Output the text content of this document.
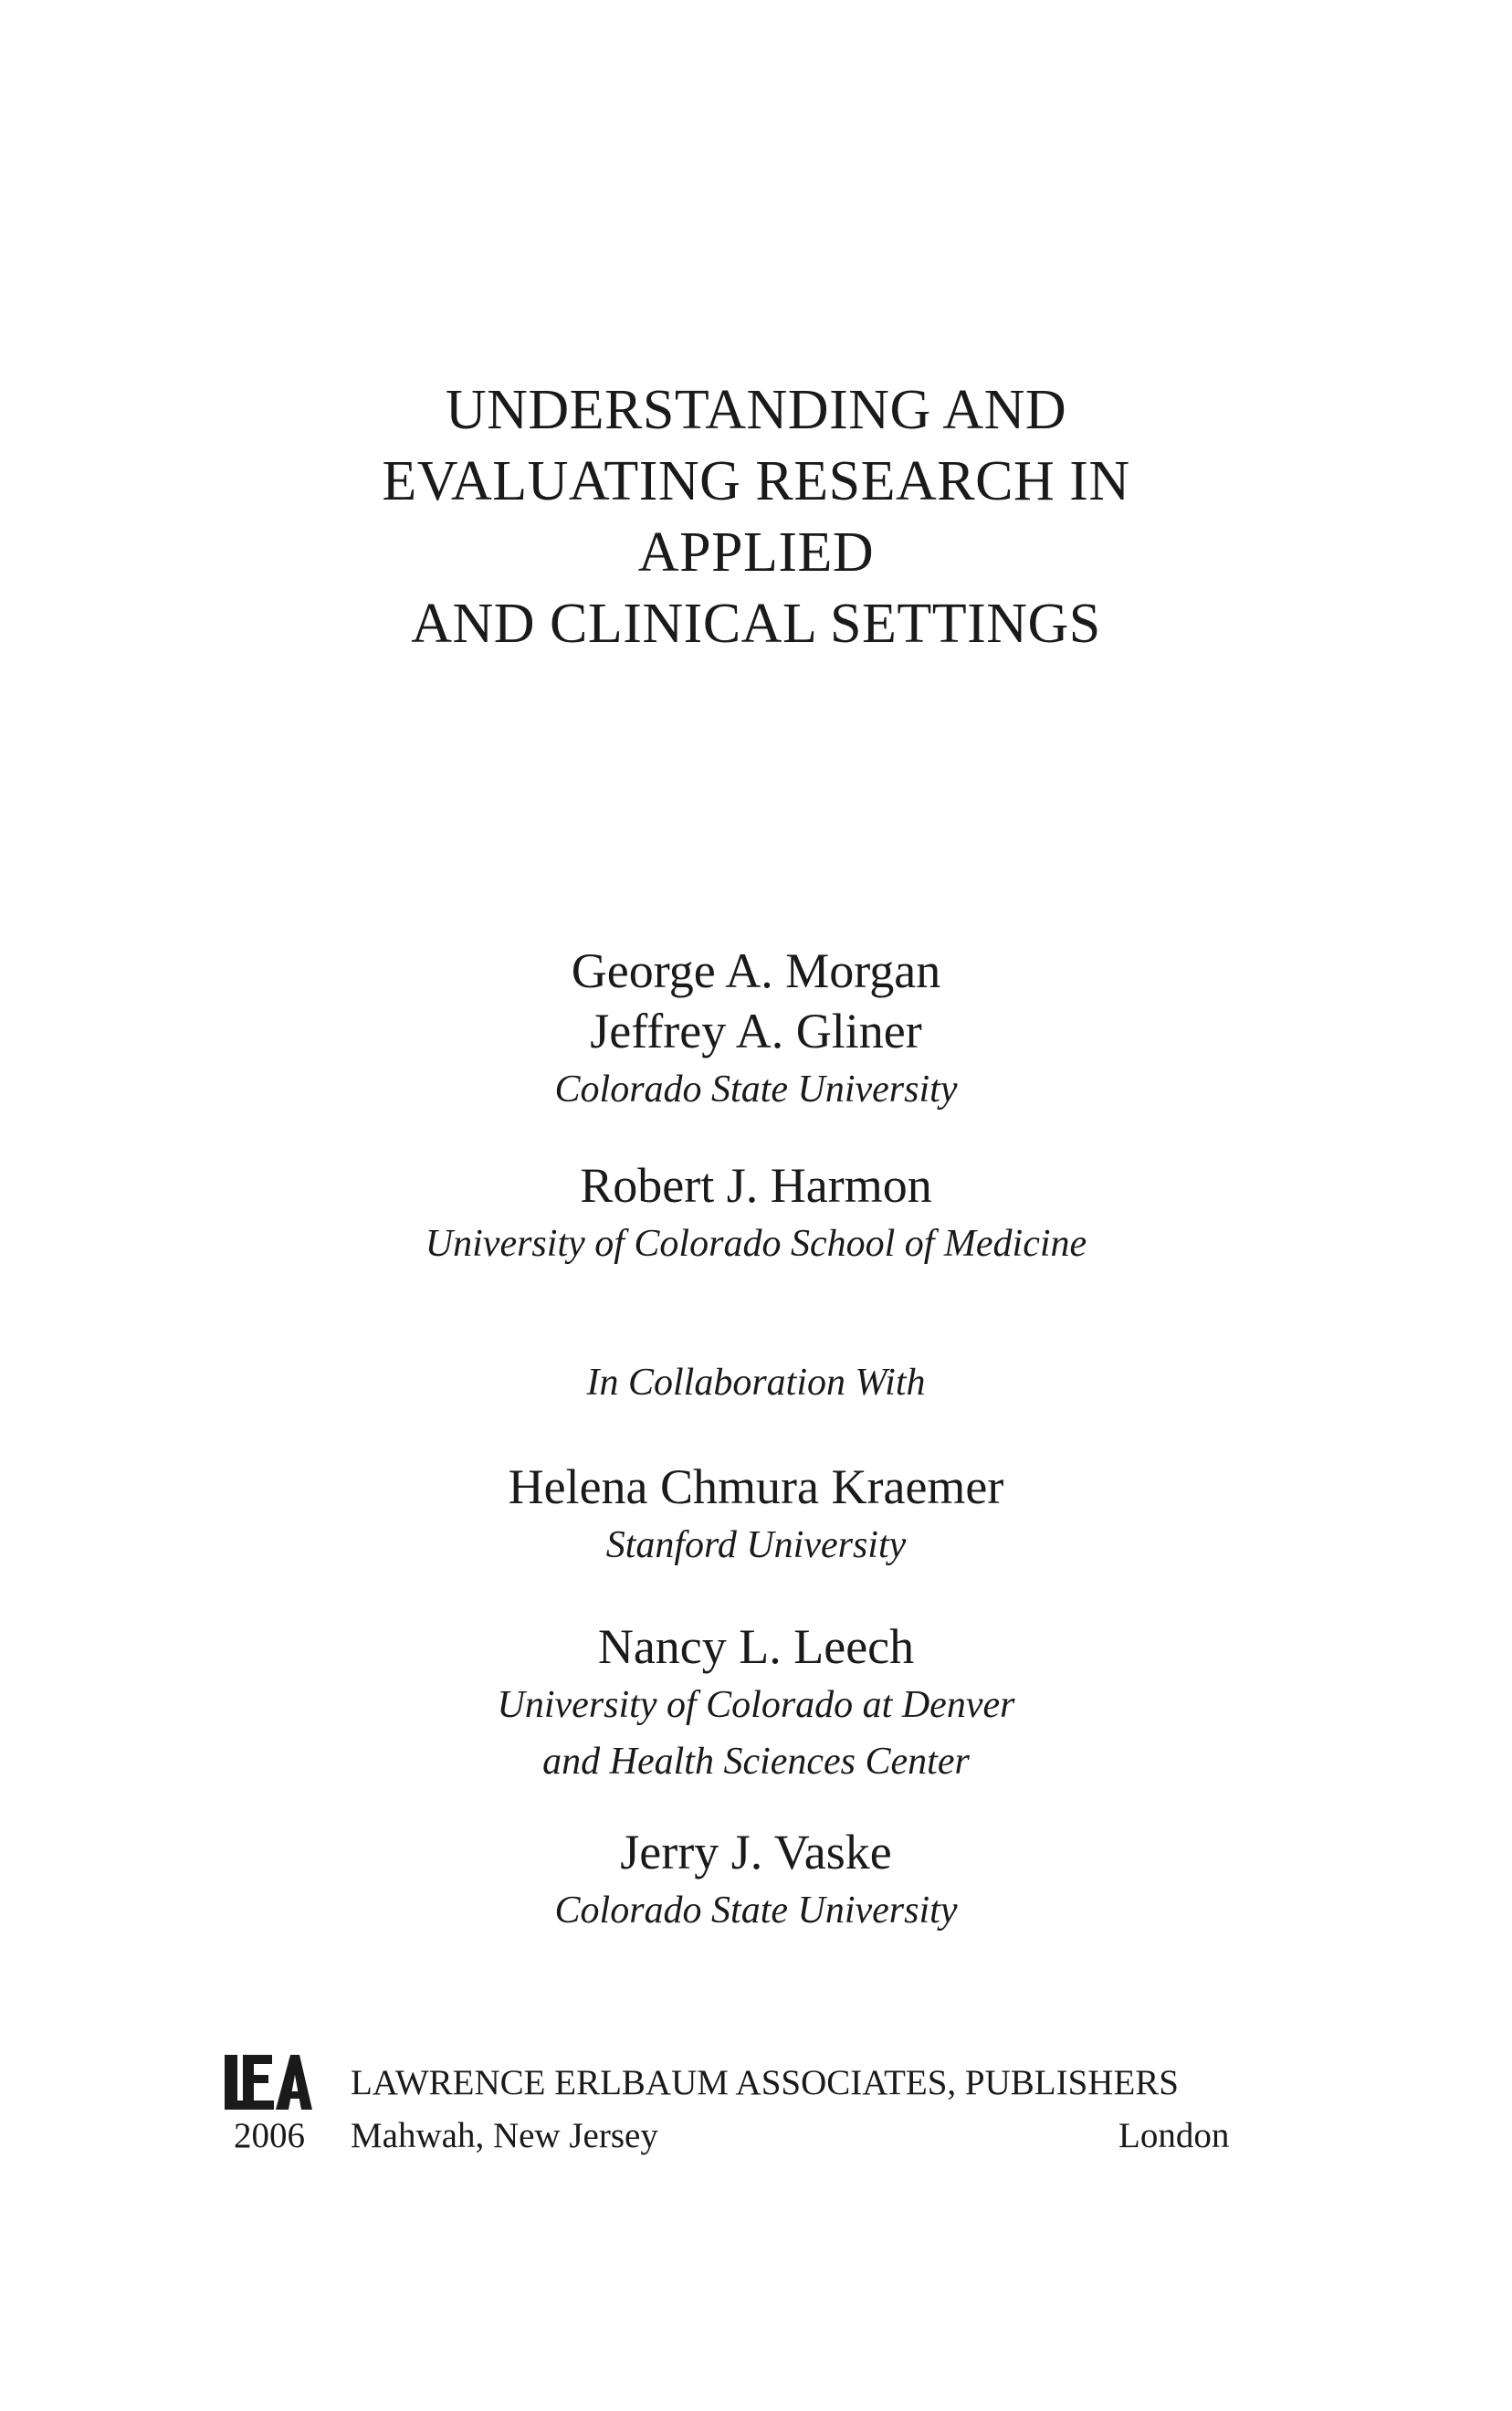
UNDERSTANDING AND
EVALUATING RESEARCH IN
APPLIED
AND CLINICAL SETTINGS
George A. Morgan
Jeffrey A. Gliner
Colorado State University
Robert J. Harmon
University of Colorado School of Medicine
In Collaboration With
Helena Chmura Kraemer
Stanford University
Nancy L. Leech
University of Colorado at Denver
and Health Sciences Center
Jerry J. Vaske
Colorado State University
LAWRENCE ERLBAUM ASSOCIATES, PUBLISHERS
2006 Mahwah, New Jersey	London
